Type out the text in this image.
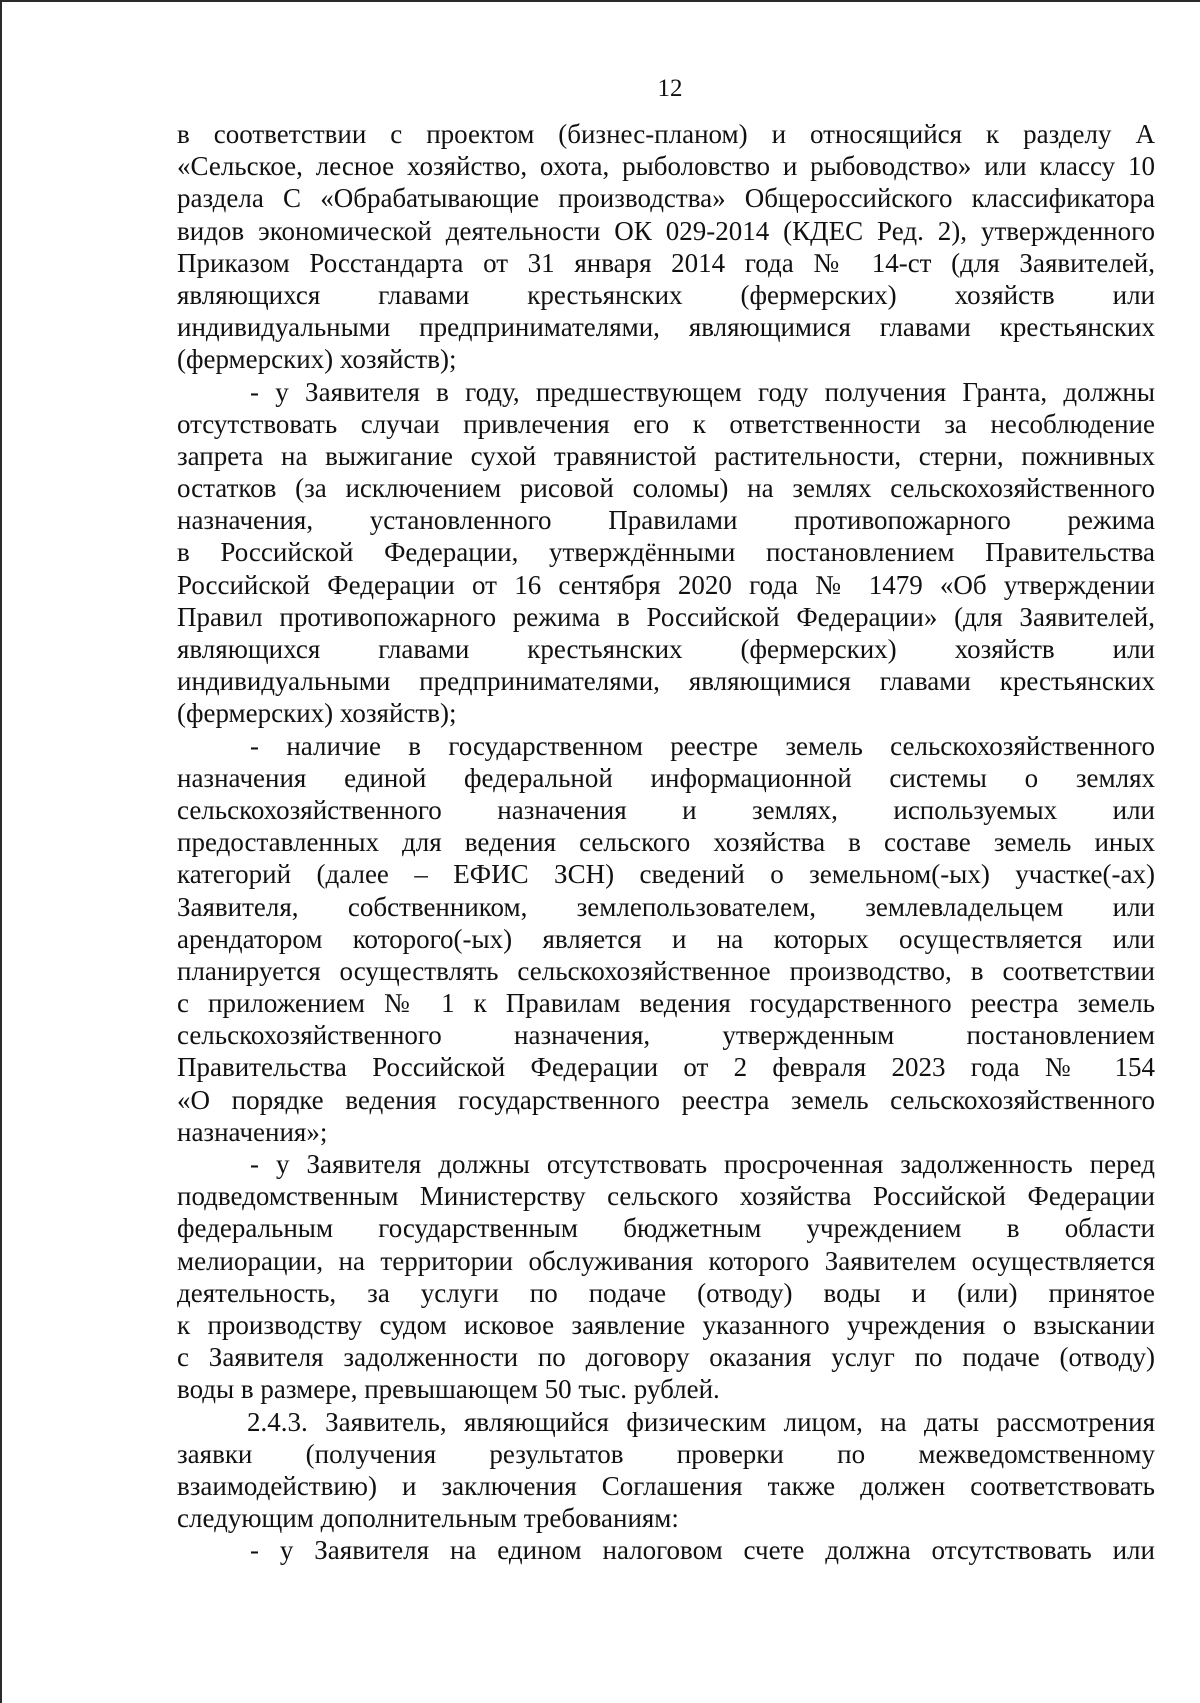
12
в соответствии с проектом (бизнес-планом) и относящийся к разделу А
«Сельское, лесное хозяйство, охота, рыболовство и рыбоводство» или классу 10
раздела С «Обрабатывающие производства» Общероссийского классификатора
видов экономической деятельности ОК 029-2014 (КДЕС Ред. 2), утвержденного
Приказом Росстандарта от 31 января 2014 года № 14-ст (для Заявителей,
являющихся главами крестьянских (фермерских) хозяйств или
индивидуальными предпринимателями, являющимися главами крестьянских
(фермерских) хозяйств);
- у Заявителя в году, предшествующем году получения Гранта, должны
отсутствовать случаи привлечения его к ответственности за несоблюдение
запрета на выжигание сухой травянистой растительности, стерни, пожнивных
остатков (за исключением рисовой соломы) на землях сельскохозяйственного
назначения, установленного Правилами противопожарного режима
в Российской Федерации, утверждёнными постановлением Правительства
Российской Федерации от 16 сентября 2020 года № 1479 «Об утверждении
Правил противопожарного режима в Российской Федерации» (для Заявителей,
являющихся главами крестьянских (фермерских) хозяйств или
индивидуальными предпринимателями, являющимися главами крестьянских
(фермерских) хозяйств);
- наличие в государственном реестре земель сельскохозяйственного
назначения единой федеральной информационной системы о землях
сельскохозяйственного назначения и землях, используемых или
предоставленных для ведения сельского хозяйства в составе земель иных
категорий (далее – ЕФИС ЗСН) сведений о земельном(-ых) участке(-ах)
Заявителя, собственником, землепользователем, землевладельцем или
арендатором которого(-ых) является и на которых осуществляется или
планируется осуществлять сельскохозяйственное производство, в соответствии
с приложением № 1 к Правилам ведения государственного реестра земель
сельскохозяйственного назначения, утвержденным постановлением
Правительства Российской Федерации от 2 февраля 2023 года № 154
«О порядке ведения государственного реестра земель сельскохозяйственного
назначения»;
- у Заявителя должны отсутствовать просроченная задолженность перед
подведомственным Министерству сельского хозяйства Российской Федерации
федеральным государственным бюджетным учреждением в области
мелиорации, на территории обслуживания которого Заявителем осуществляется
деятельность, за услуги по подаче (отводу) воды и (или) принятое
к производству судом исковое заявление указанного учреждения о взыскании
с Заявителя задолженности по договору оказания услуг по подаче (отводу)
воды в размере, превышающем 50 тыс. рублей.
2.4.3. Заявитель, являющийся физическим лицом, на даты рассмотрения
заявки (получения результатов проверки по межведомственному
взаимодействию) и заключения Соглашения также должен соответствовать
следующим дополнительным требованиям:
- у Заявителя на едином налоговом счете должна отсутствовать или
